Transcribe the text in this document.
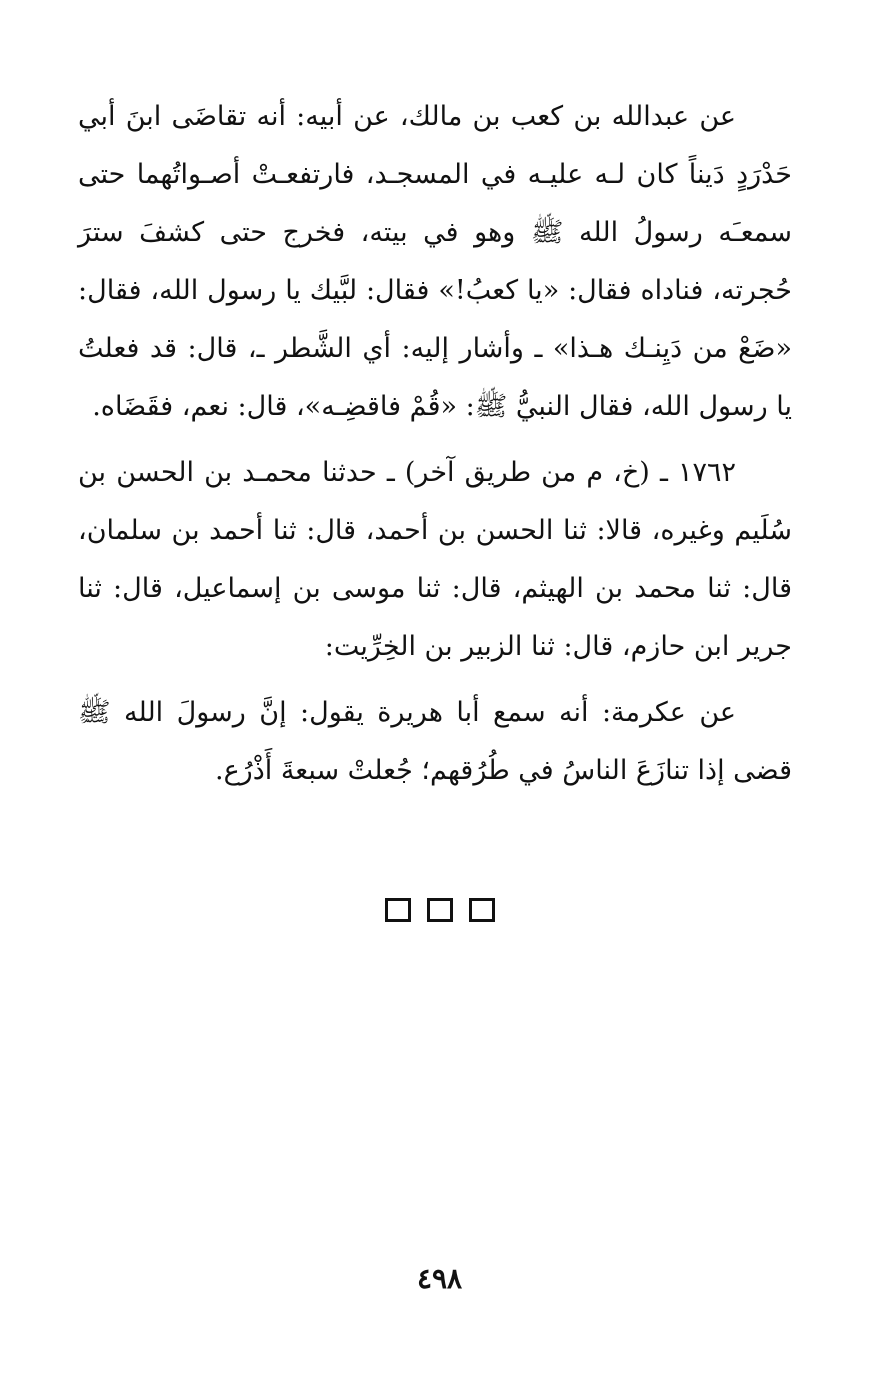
عن عبدالله بن كعب بن مالك، عن أبيه: أنه تقاضَى ابنَ أبي حَدْرَدٍ دَيناً كان لـه عليـه في المسجـد، فارتفعـتْ أصـواتُهما حتى سمعـَه رسولُ الله ﷺ وهو في بيته، فخرج حتى كشفَ سترَ حُجرته، فناداه فقال: «يا كعبُ!» فقال: لبَّيك يا رسول الله، فقال: «ضَعْ من دَيِنـك هـذا» ـ وأشار إليه: أي الشَّطر ـ، قال: قد فعلتُ يا رسول الله، فقال النبيُّ ﷺ: «قُمْ فاقضِـه»، قال: نعم، فقَضَاه.

١٧٦٢ ـ (خ، م من طريق آخر) ـ حدثنا محمـد بن الحسن بن سُلَيم وغيره، قالا: ثنا الحسن بن أحمد، قال: ثنا أحمد بن سلمان، قال: ثنا محمد بن الهيثم، قال: ثنا موسى بن إسماعيل، قال: ثنا جرير ابن حازم، قال: ثنا الزبير بن الخِرِّيت:

عن عكرمة: أنه سمع أبا هريرة يقول: إنَّ رسولَ الله ﷺ قضى إذا تنازَعَ الناسُ في طُرُقهم؛ جُعلتْ سبعةَ أَذْرُع.

٤٩٨
